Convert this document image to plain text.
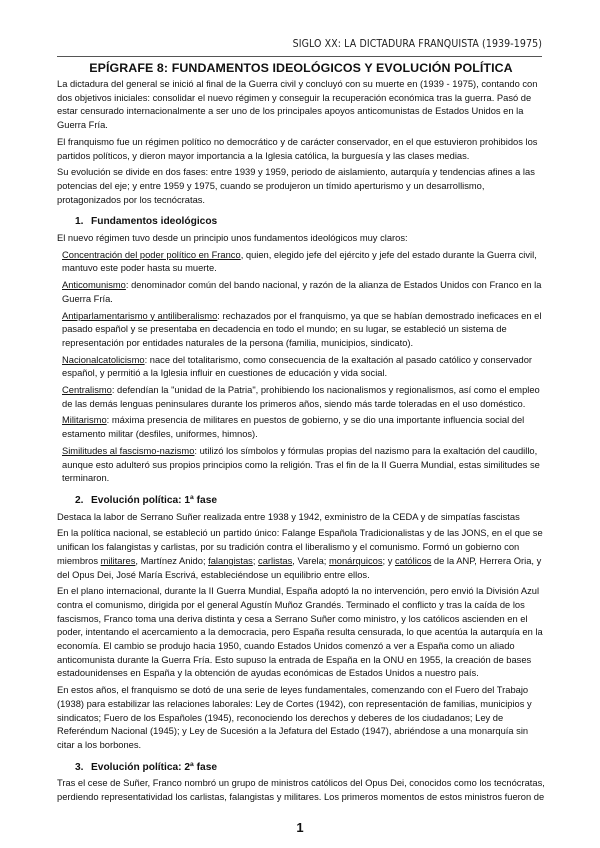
SIGLO XX: LA DICTADURA FRANQUISTA (1939-1975)
EPÍGRAFE 8: FUNDAMENTOS IDEOLÓGICOS Y EVOLUCIÓN POLÍTICA

La dictadura del general se inició al final de la Guerra civil y concluyó con su muerte en (1939 - 1975), contando con dos objetivos iniciales: consolidar el nuevo régimen y conseguir la recuperación económica tras la guerra. Pasó de estar censurado internacionalmente a ser uno de los principales apoyos anticomunistas de Estados Unidos en la Guerra Fría.

El franquismo fue un régimen político no democrático y de carácter conservador, en el que estuvieron prohibidos los partidos políticos, y dieron mayor importancia a la Iglesia católica, la burguesía y las clases medias.

Su evolución se divide en dos fases: entre 1939 y 1959, periodo de aislamiento, autarquía y tendencias afines a las potencias del eje; y entre 1959 y 1975, cuando se produjeron un tímido aperturismo y un desarrollismo, protagonizados por los tecnócratas.

1. Fundamentos ideológicos

El nuevo régimen tuvo desde un principio unos fundamentos ideológicos muy claros:

Concentración del poder político en Franco, quien, elegido jefe del ejército y jefe del estado durante la Guerra civil, mantuvo este poder hasta su muerte.

Anticomunismo: denominador común del bando nacional, y razón de la alianza de Estados Unidos con Franco en la Guerra Fría.

Antiparlamentarismo y antiliberalismo: rechazados por el franquismo, ya que se habían demostrado ineficaces en el pasado español y se presentaba en decadencia en todo el mundo; en su lugar, se estableció un sistema de representación por entidades naturales de la persona (familia, municipios, sindicato).

Nacionalcatolicismo: nace del totalitarismo, como consecuencia de la exaltación al pasado católico y conservador español, y permitió a la Iglesia influir en cuestiones de educación y vida social.

Centralismo: defendían la "unidad de la Patria", prohibiendo los nacionalismos y regionalismos, así como el empleo de las demás lenguas peninsulares durante los primeros años, siendo más tarde toleradas en el uso doméstico.

Militarismo: máxima presencia de militares en puestos de gobierno, y se dio una importante influencia social del estamento militar (desfiles, uniformes, himnos).

Similitudes al fascismo-nazismo: utilizó los símbolos y fórmulas propias del nazismo para la exaltación del caudillo, aunque esto adulteró sus propios principios como la religión. Tras el fin de la II Guerra Mundial, estas similitudes se terminaron.

2. Evolución política: 1ª fase

Destaca la labor de Serrano Suñer realizada entre 1938 y 1942, exministro de la CEDA y de simpatías fascistas

En la política nacional, se estableció un partido único: Falange Española Tradicionalistas y de las JONS, en el que se unifican los falangistas y carlistas, por su tradición contra el liberalismo y el comunismo. Formó un gobierno con miembros militares, Martínez Anido; falangistas; carlistas, Varela; monárquicos; y católicos de la ANP, Herrera Oria, y del Opus Dei, José María Escrivá, estableciéndose un equilibrio entre ellos.

En el plano internacional, durante la II Guerra Mundial, España adoptó la no intervención, pero envió la División Azul contra el comunismo, dirigida por el general Agustín Muñoz Grandés. Terminado el conflicto y tras la caída de los fascismos, Franco toma una deriva distinta y cesa a Serrano Suñer como ministro, y los católicos ascienden en el poder, intentando el acercamiento a la democracia, pero España resulta censurada, lo que acentúa la autarquía en la economía. El cambio se produjo hacia 1950, cuando Estados Unidos comenzó a ver a España como un aliado anticomunista durante la Guerra Fría. Esto supuso la entrada de España en la ONU en 1955, la creación de bases estadounidenses en España y la obtención de ayudas económicas de Estados Unidos a nuestro país.

En estos años, el franquismo se dotó de una serie de leyes fundamentales, comenzando con el Fuero del Trabajo (1938) para estabilizar las relaciones laborales: Ley de Cortes (1942), con representación de familias, municipios y sindicatos; Fuero de los Españoles (1945), reconociendo los derechos y deberes de los ciudadanos; Ley de Referéndum Nacional (1945); y Ley de Sucesión a la Jefatura del Estado (1947), abriéndose a una monarquía sin citar a los borbones.

3. Evolución política: 2ª fase

Tras el cese de Suñer, Franco nombró un grupo de ministros católicos del Opus Dei, conocidos como los tecnócratas, perdiendo representatividad los carlistas, falangistas y militares. Los primeros momentos de estos ministros fueron de

1
